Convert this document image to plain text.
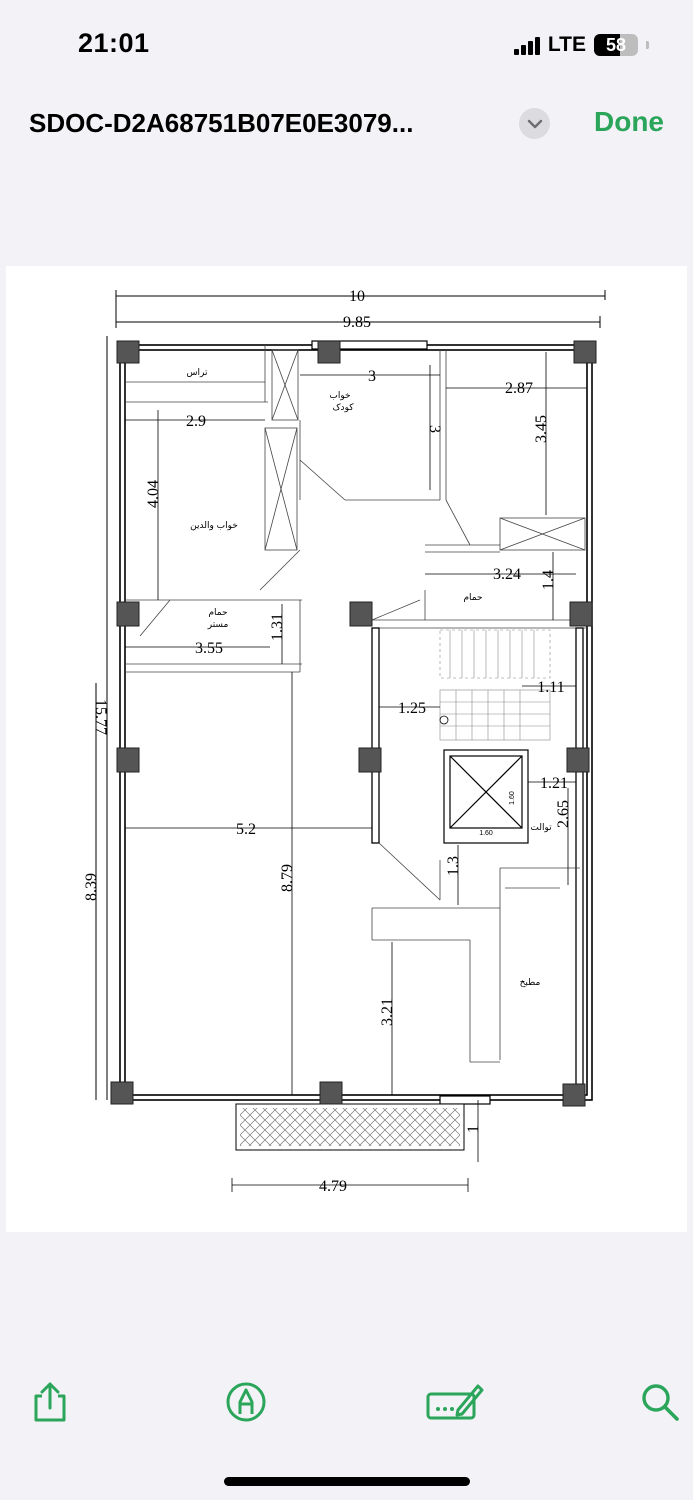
21:01	LTE	58
SDOC-D2A68751B07E0E3079...	Done
10
9.85
3
3
2.87
3.45
2.9
4.04
3.24 1.4
15.77
1.31
3.55
1.25
1.11
1.21
1.60
1.60
5.2
2.65
8.79	1.3
8.39
3.21
1
4.79
تراس
خواب
کودک
خواب والدین
حمام
مستر
حمام
توالت
مطبخ
